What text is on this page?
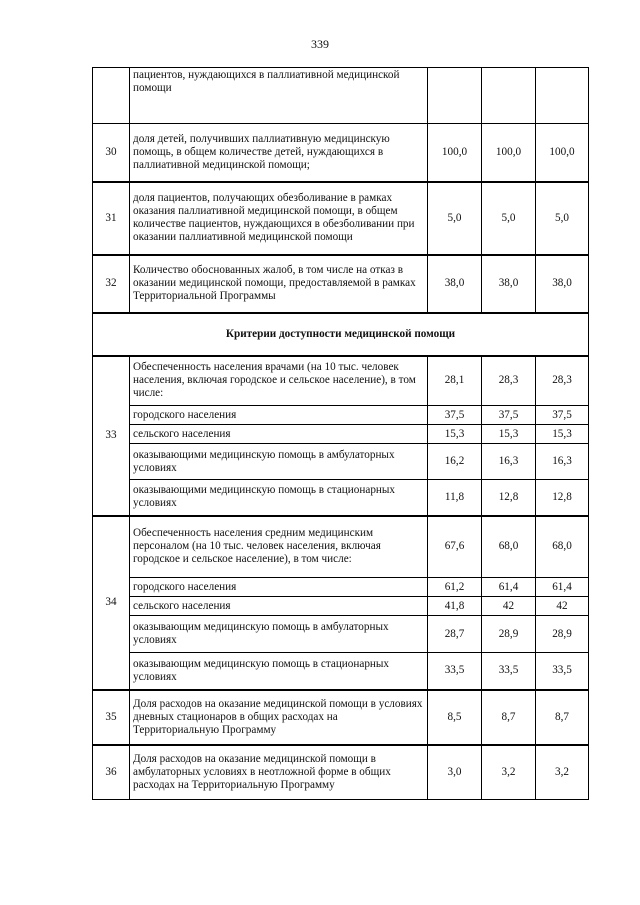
339
	пациентов, нуждающихся в паллиативной медицинской помощи			
30	доля детей, получивших паллиативную медицинскую помощь, в общем количестве детей, нуждающихся в паллиативной медицинской помощи;	100,0	100,0	100,0
31	доля пациентов, получающих обезболивание в рамках оказания паллиативной медицинской помощи, в общем количестве пациентов, нуждающихся в обезболивании при оказании паллиативной медицинской помощи	5,0	5,0	5,0
32	Количество обоснованных жалоб, в том числе на отказ в оказании медицинской помощи, предоставляемой в рамках Территориальной Программы	38,0	38,0	38,0
Критерии доступности медицинской помощи				
33	Обеспеченность населения врачами (на 10 тыс. человек населения, включая городское и сельское население), в том числе:	28,1	28,3	28,3
	городского населения	37,5	37,5	37,5
	сельского населения	15,3	15,3	15,3
	оказывающими медицинскую помощь в амбулаторных условиях	16,2	16,3	16,3
	оказывающими медицинскую помощь в стационарных условиях	11,8	12,8	12,8
34	Обеспеченность населения средним медицинским персоналом (на 10 тыс. человек населения, включая городское и сельское население), в том числе:	67,6	68,0	68,0
	городского населения	61,2	61,4	61,4
	сельского населения	41,8	42	42
	оказывающим медицинскую помощь в амбулаторных условиях	28,7	28,9	28,9
	оказывающим медицинскую помощь в стационарных условиях	33,5	33,5	33,5
35	Доля расходов на оказание медицинской помощи в условиях дневных стационаров в общих расходах на Территориальную Программу	8,5	8,7	8,7
36	Доля расходов на оказание медицинской помощи в амбулаторных условиях в неотложной форме в общих расходах на Территориальную Программу	3,0	3,2	3,2
